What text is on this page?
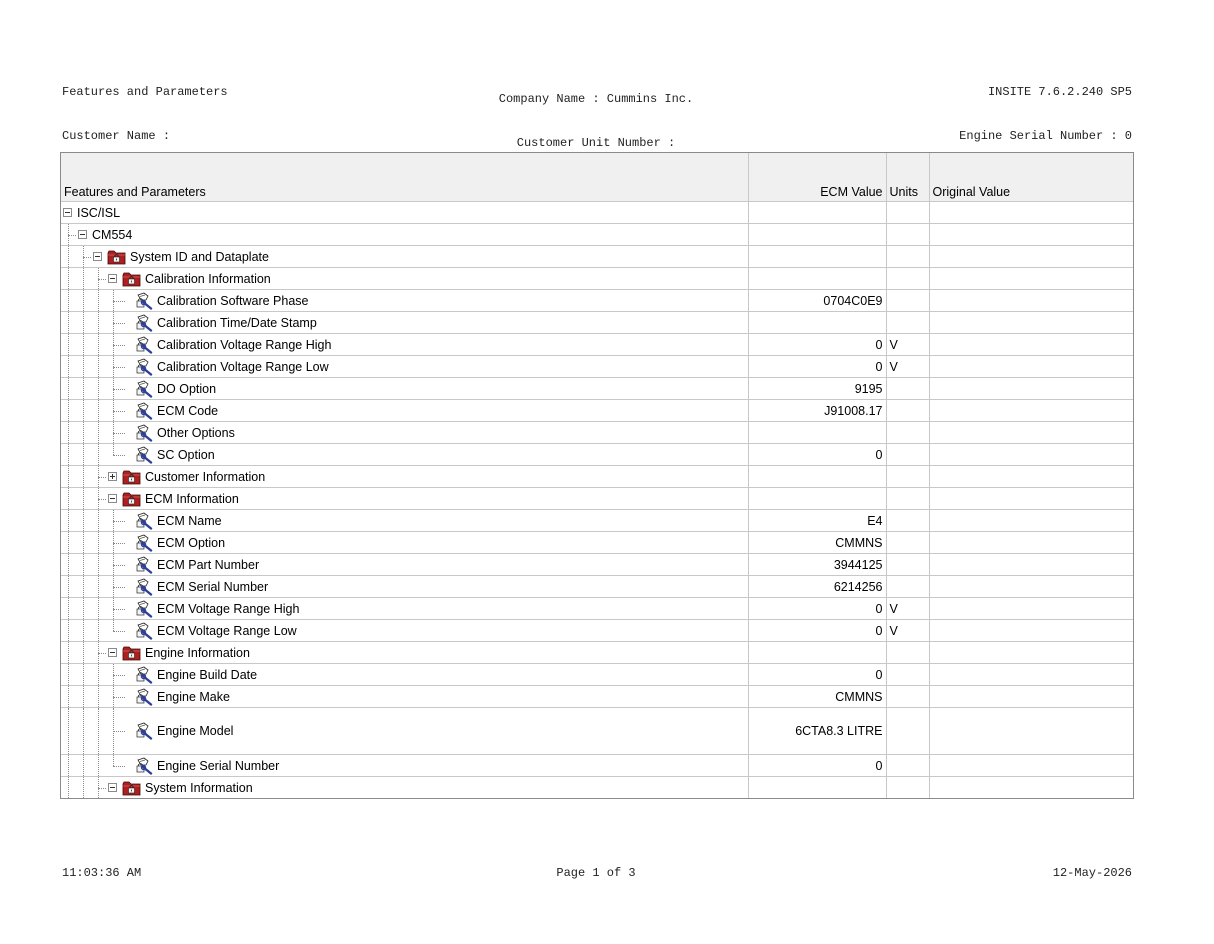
Features and Parameters

Customer Name :

Company Name : Cummins Inc.

Customer Unit Number :

INSITE 7.6.2.240 SP5

Engine Serial Number : 0

Features and Parameters	ECM Value	Units	Original Value

ISC/ISL			

CM554			

System ID and Dataplate			

Calibration Information			

Calibration Software Phase	0704C0E9		

Calibration Time/Date Stamp			

Calibration Voltage Range High	0	V	

Calibration Voltage Range Low	0	V	

DO Option	9195		

ECM Code	J91008.17		

Other Options			

SC Option	0		

Customer Information			

ECM Information			

ECM Name	E4		

ECM Option	CMMNS		

ECM Part Number	3944125		

ECM Serial Number	6214256		

ECM Voltage Range High	0	V	

ECM Voltage Range Low	0	V	

Engine Information			

Engine Build Date	0		

Engine Make	CMMNS		

Engine Model	6CTA8.3 LITRE		

Engine Serial Number	0		

System Information			

11:03:36 AM	Page 1 of 3	12-May-2026
